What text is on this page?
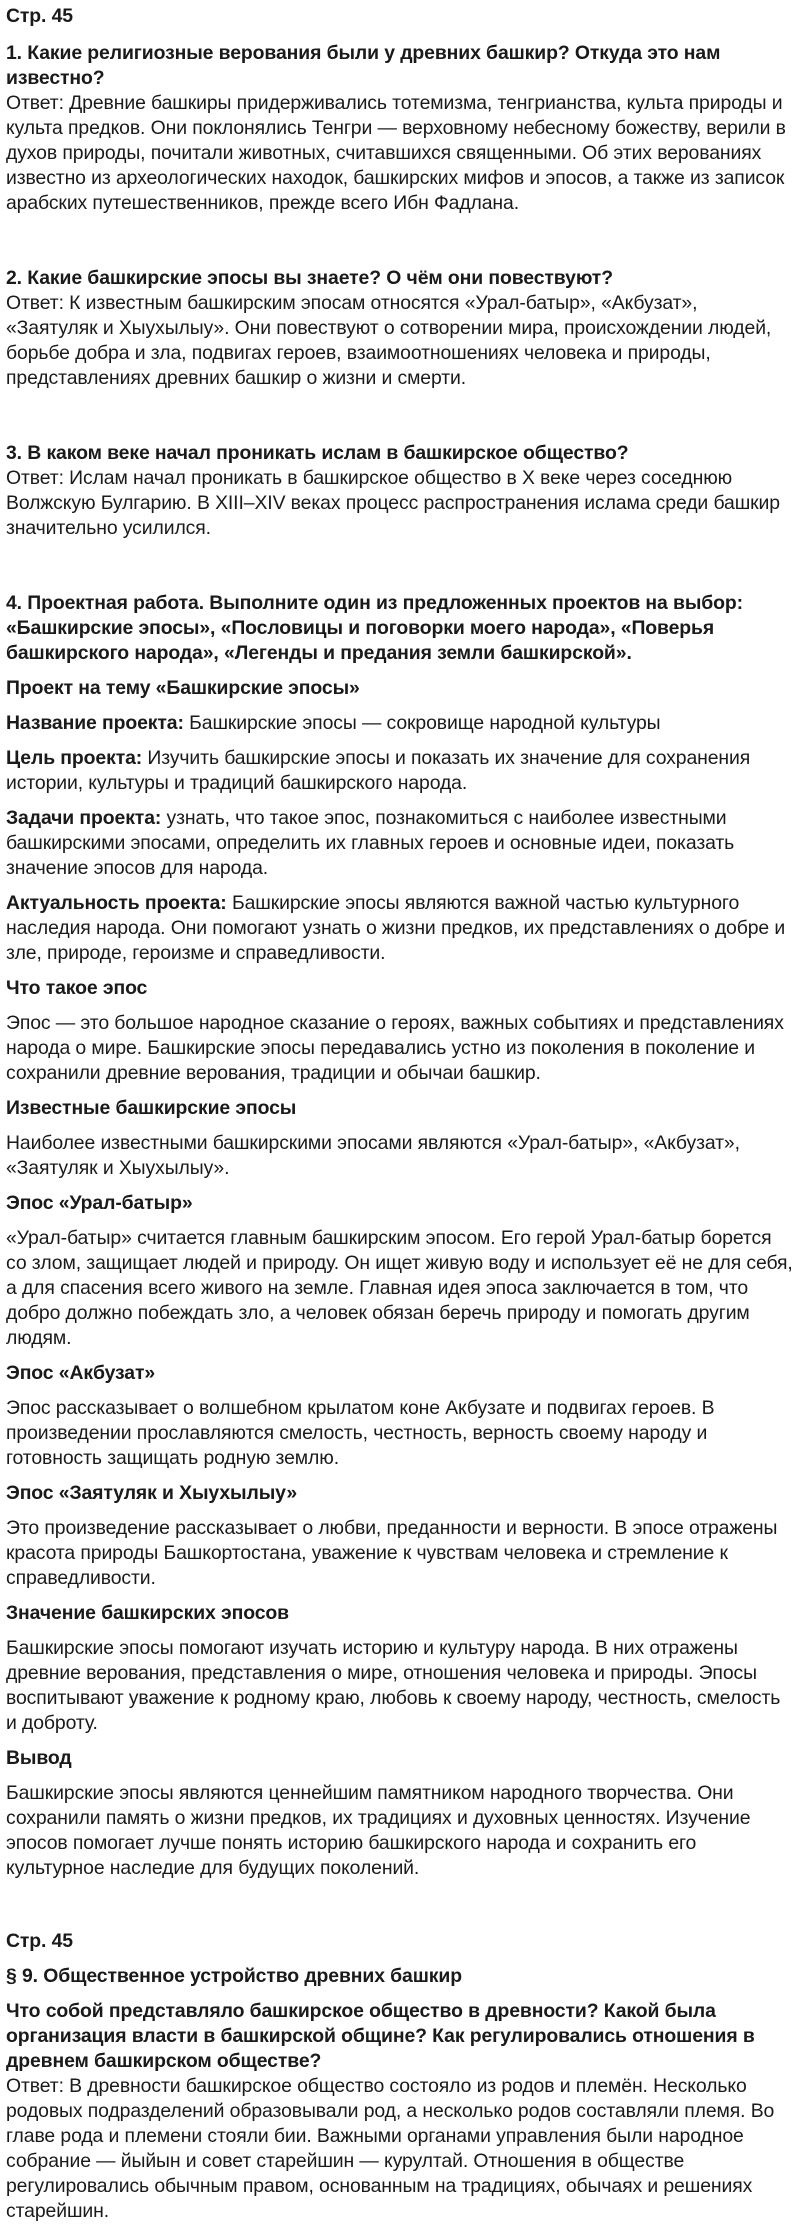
Стр. 45

1. Какие религиозные верования были у древних башкир? Откуда это нам известно?

Ответ: Древние башкиры придерживались тотемизма, тенгрианства, культа природы и культа предков. Они поклонялись Тенгри — верховному небесному божеству, верили в духов природы, почитали животных, считавшихся священными. Об этих верованиях известно из археологических находок, башкирских мифов и эпосов, а также из записок арабских путешественников, прежде всего Ибн Фадлана.

2. Какие башкирские эпосы вы знаете? О чём они повествуют?

Ответ: К известным башкирским эпосам относятся «Урал-батыр», «Акбузат», «Заятуляк и Хыухылыу». Они повествуют о сотворении мира, происхождении людей, борьбе добра и зла, подвигах героев, взаимоотношениях человека и природы, представлениях древних башкир о жизни и смерти.

3. В каком веке начал проникать ислам в башкирское общество?

Ответ: Ислам начал проникать в башкирское общество в X веке через соседнюю Волжскую Булгарию. В XIII–XIV веках процесс распространения ислама среди башкир значительно усилился.

4. Проектная работа. Выполните один из предложенных проектов на выбор: «Башкирские эпосы», «Пословицы и поговорки моего народа», «Поверья башкирского народа», «Легенды и предания земли башкирской».

Проект на тему «Башкирские эпосы»

Название проекта: Башкирские эпосы — сокровище народной культуры

Цель проекта: Изучить башкирские эпосы и показать их значение для сохранения истории, культуры и традиций башкирского народа.

Задачи проекта: узнать, что такое эпос, познакомиться с наиболее известными башкирскими эпосами, определить их главных героев и основные идеи, показать значение эпосов для народа.

Актуальность проекта: Башкирские эпосы являются важной частью культурного наследия народа. Они помогают узнать о жизни предков, их представлениях о добре и зле, природе, героизме и справедливости.

Что такое эпос

Эпос — это большое народное сказание о героях, важных событиях и представлениях народа о мире. Башкирские эпосы передавались устно из поколения в поколение и сохранили древние верования, традиции и обычаи башкир.

Известные башкирские эпосы

Наиболее известными башкирскими эпосами являются «Урал-батыр», «Акбузат», «Заятуляк и Хыухылыу».

Эпос «Урал-батыр»

«Урал-батыр» считается главным башкирским эпосом. Его герой Урал-батыр борется со злом, защищает людей и природу. Он ищет живую воду и использует её не для себя, а для спасения всего живого на земле. Главная идея эпоса заключается в том, что добро должно побеждать зло, а человек обязан беречь природу и помогать другим людям.

Эпос «Акбузат»

Эпос рассказывает о волшебном крылатом коне Акбузате и подвигах героев. В произведении прославляются смелость, честность, верность своему народу и готовность защищать родную землю.

Эпос «Заятуляк и Хыухылыу»

Это произведение рассказывает о любви, преданности и верности. В эпосе отражены красота природы Башкортостана, уважение к чувствам человека и стремление к справедливости.

Значение башкирских эпосов

Башкирские эпосы помогают изучать историю и культуру народа. В них отражены древние верования, представления о мире, отношения человека и природы. Эпосы воспитывают уважение к родному краю, любовь к своему народу, честность, смелость и доброту.

Вывод

Башкирские эпосы являются ценнейшим памятником народного творчества. Они сохранили память о жизни предков, их традициях и духовных ценностях. Изучение эпосов помогает лучше понять историю башкирского народа и сохранить его культурное наследие для будущих поколений.

Стр. 45

§ 9. Общественное устройство древних башкир

Что собой представляло башкирское общество в древности? Какой была организация власти в башкирской общине? Как регулировались отношения в древнем башкирском обществе?

Ответ: В древности башкирское общество состояло из родов и племён. Несколько родовых подразделений образовывали род, а несколько родов составляли племя. Во главе рода и племени стояли бии. Важными органами управления были народное собрание — йыйын и совет старейшин — курултай. Отношения в обществе регулировались обычным правом, основанным на традициях, обычаях и решениях старейшин.
